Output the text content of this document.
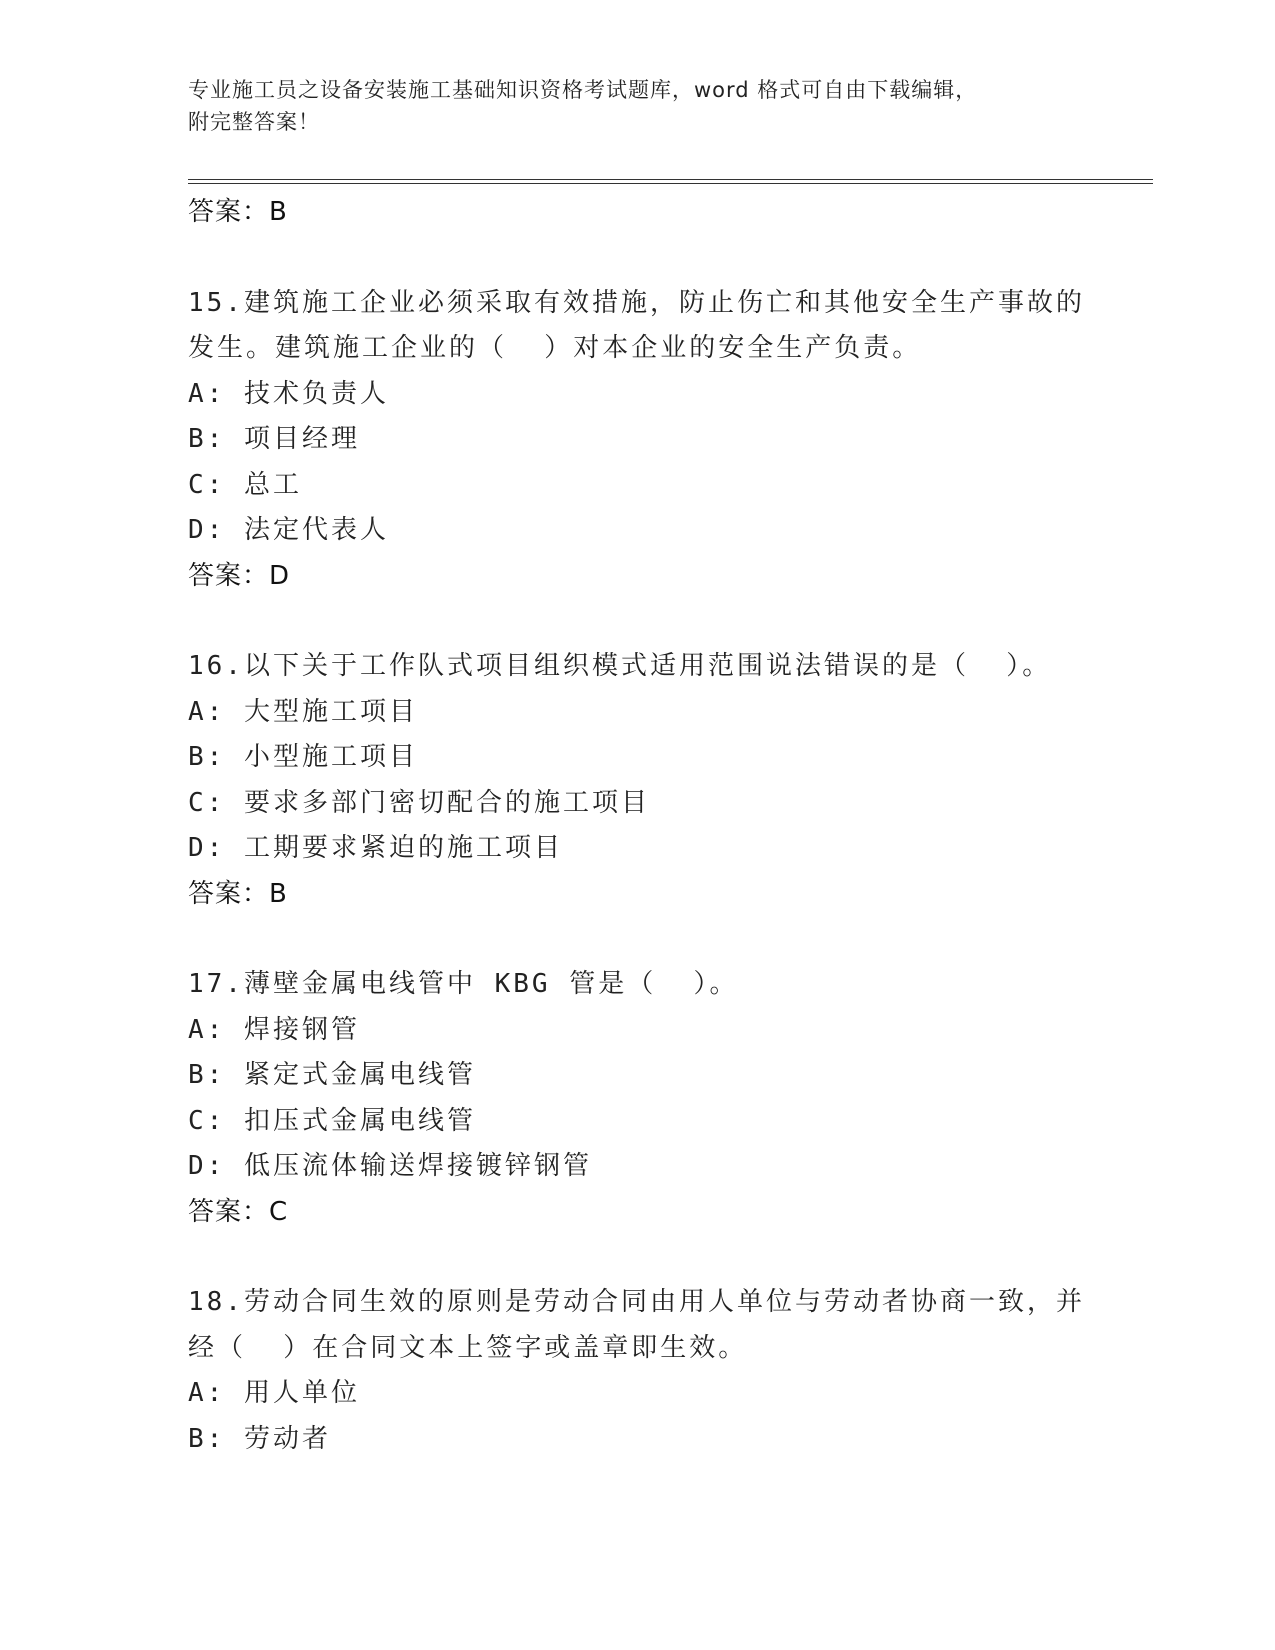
专业施工员之设备安装施工基础知识资格考试题库，word 格式可自由下载编辑，
附完整答案！
答案：B
15.建筑施工企业必须采取有效措施，防止伤亡和其他安全生产事故的
发生。建筑施工企业的（  ）对本企业的安全生产负责。
A: 技术负责人
B: 项目经理
C: 总工
D: 法定代表人
答案：D
16.以下关于工作队式项目组织模式适用范围说法错误的是（  ）。
A: 大型施工项目
B: 小型施工项目
C: 要求多部门密切配合的施工项目
D: 工期要求紧迫的施工项目
答案：B
17.薄壁金属电线管中 KBG 管是（  ）。
A: 焊接钢管
B: 紧定式金属电线管
C: 扣压式金属电线管
D: 低压流体输送焊接镀锌钢管
答案：C
18.劳动合同生效的原则是劳动合同由用人单位与劳动者协商一致，并
经（  ）在合同文本上签字或盖章即生效。
A: 用人单位
B: 劳动者
